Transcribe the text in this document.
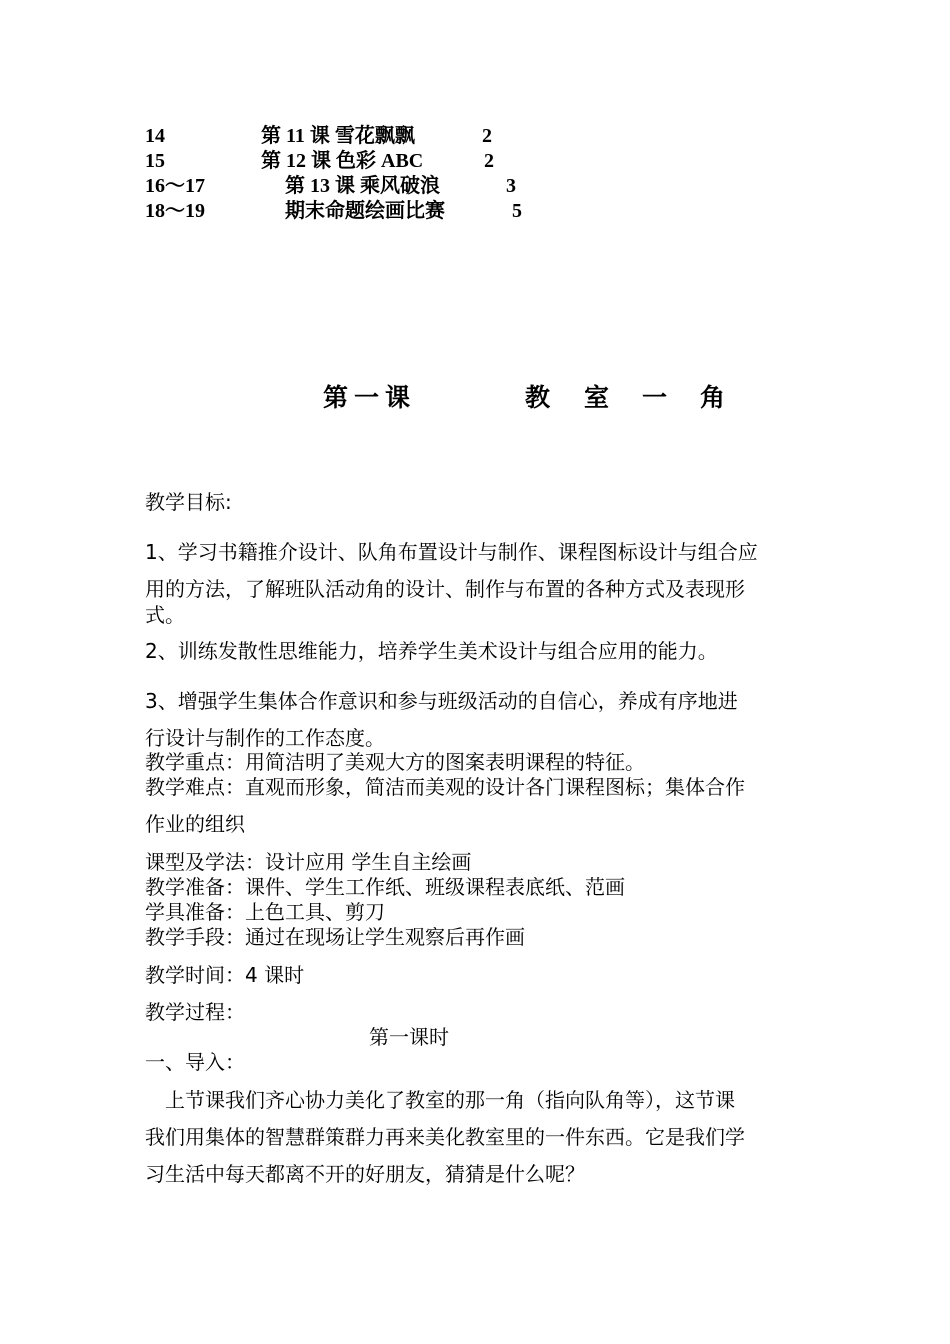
14	第 11 课 雪花飘飘	2
15	第 12 课 色彩 ABC	2
16～17	第 13 课 乘风破浪	3
18～19	期末命题绘画比赛	5
第一课	教 室 一 角
教学目标:
1、学习书籍推介设计、队角布置设计与制作、课程图标设计与组合应
用的方法，了解班队活动角的设计、制作与布置的各种方式及表现形
式。
2、训练发散性思维能力，培养学生美术设计与组合应用的能力。
3、增强学生集体合作意识和参与班级活动的自信心，养成有序地进
行设计与制作的工作态度。
教学重点：用简洁明了美观大方的图案表明课程的特征。
教学难点：直观而形象，简洁而美观的设计各门课程图标；集体合作
作业的组织
课型及学法：设计应用 学生自主绘画
教学准备：课件、学生工作纸、班级课程表底纸、范画
学具准备：上色工具、剪刀
教学手段：通过在现场让学生观察后再作画
教学时间：4 课时
教学过程：
第一课时
一、导入：
　上节课我们齐心协力美化了教室的那一角（指向队角等），这节课
我们用集体的智慧群策群力再来美化教室里的一件东西。它是我们学
习生活中每天都离不开的好朋友，猜猜是什么呢？
